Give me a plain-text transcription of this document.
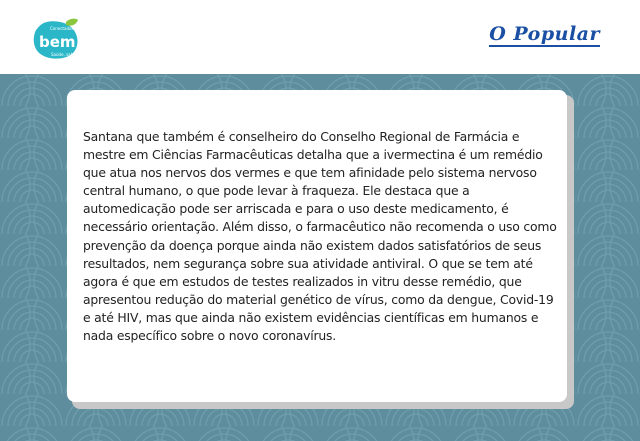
Conectados
bem
Saúde, saber!
O Popular

Santana que também é conselheiro do Conselho Regional de Farmácia e mestre em Ciências Farmacêuticas detalha que a ivermectina é um remédio que atua nos nervos dos vermes e que tem afinidade pelo sistema nervoso central humano, o que pode levar à fraqueza. Ele destaca que a automedicação pode ser arriscada e para o uso deste medicamento, é necessário orientação. Além disso, o farmacêutico não recomenda o uso como prevenção da doença porque ainda não existem dados satisfatórios de seus resultados, nem segurança sobre sua atividade antiviral. O que se tem até agora é que em estudos de testes realizados in vitru desse remédio, que apresentou redução do material genético de vírus, como da dengue, Covid-19 e até HIV, mas que ainda não existem evidências científicas em humanos e nada específico sobre o novo coronavírus.
